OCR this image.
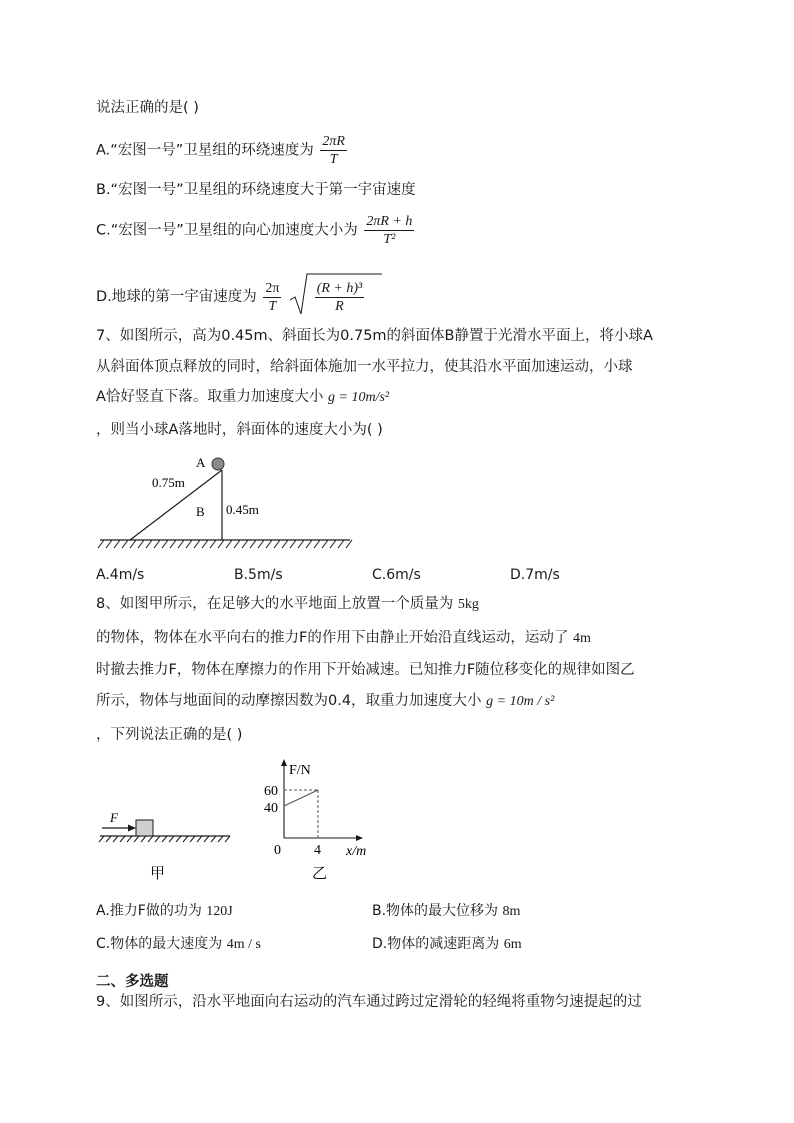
说法正确的是( )
A.“宏图一号”卫星组的环绕速度为 $\frac{2\pi R}{T}$
B.“宏图一号”卫星组的环绕速度大于第一宇宙速度
C.“宏图一号”卫星组的向心加速度大小为 $\frac{2\pi R + h}{\text{T²}}$
D.地球的第一宇宙速度为 $\frac{2\pi}{T}$
$\frac{\text{(R + h)³}}{R}$
7、如图所示，高为0.45m、斜面长为0.75m的斜面体B静置于光滑水平面上，将小球A
从斜面体顶点释放的同时，给斜面体施加一水平拉力，使其沿水平面加速运动，小球
A恰好竖直下落。取重力加速度大小 g = 10m/s²
，则当小球A落地时，斜面体的速度大小为( )
A
0.75m
B 0.45m
A.4m/s	B.5m/s	C.6m/s	D.7m/s
8、如图甲所示，在足够大的水平地面上放置一个质量为 5kg
的物体，物体在水平向右的推力F的作用下由静止开始沿直线运动，运动了 4m
时撤去推力F，物体在摩擦力的作用下开始减速。已知推力F随位移变化的规律如图乙
所示，物体与地面间的动摩擦因数为0.4，取重力加速度大小 g = 10m / s²
，下列说法正确的是( )
F
甲
F/N
60
40
0 4 x/m
乙
A.推力F做的功为 120J	B.物体的最大位移为 8m
C.物体的最大速度为 4m / s	D.物体的减速距离为 6m
二、多选题
9、如图所示，沿水平地面向右运动的汽车通过跨过定滑轮的轻绳将重物匀速提起的过
